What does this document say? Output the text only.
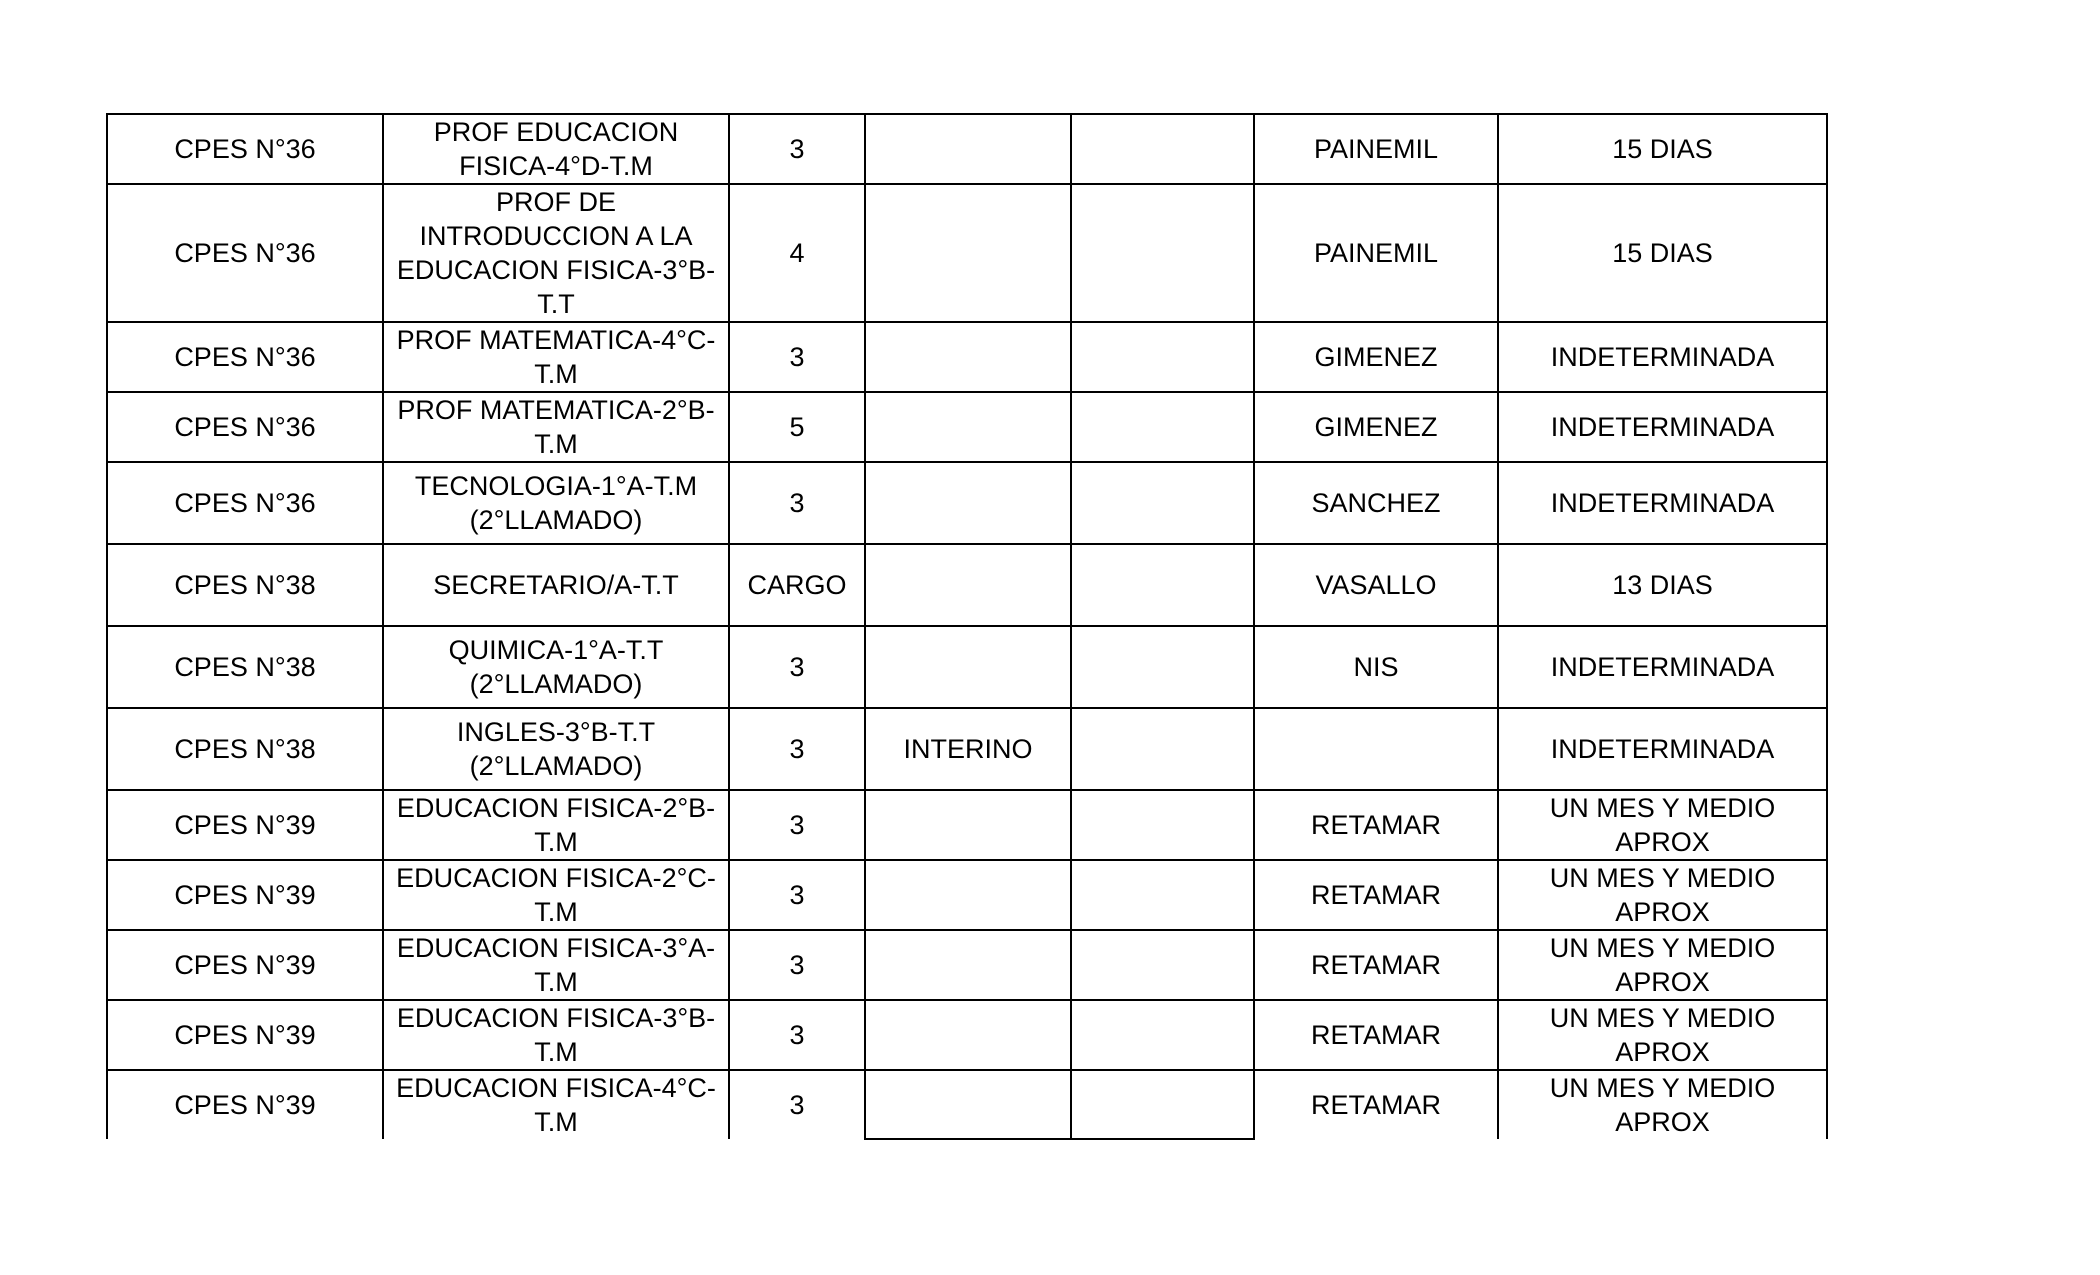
CPES N°36	PROF EDUCACION
FISICA-4°D-T.M	3			PAINEMIL	15 DIAS

CPES N°36	PROF DE
INTRODUCCION A LA
EDUCACION FISICA-3°B-
T.T	4			PAINEMIL	15 DIAS

CPES N°36	PROF MATEMATICA-4°C-
T.M	3			GIMENEZ	INDETERMINADA

CPES N°36	PROF MATEMATICA-2°B-
T.M	5			GIMENEZ	INDETERMINADA

CPES N°36	TECNOLOGIA-1°A-T.M
(2°LLAMADO)	3			SANCHEZ	INDETERMINADA

CPES N°38	SECRETARIO/A-T.T	CARGO			VASALLO	13 DIAS

CPES N°38	QUIMICA-1°A-T.T
(2°LLAMADO)	3			NIS	INDETERMINADA

CPES N°38	INGLES-3°B-T.T
(2°LLAMADO)	3	INTERINO			INDETERMINADA

CPES N°39	EDUCACION FISICA-2°B-
T.M	3			RETAMAR	UN MES Y MEDIO
APROX

CPES N°39	EDUCACION FISICA-2°C-
T.M	3			RETAMAR	UN MES Y MEDIO
APROX

CPES N°39	EDUCACION FISICA-3°A-
T.M	3			RETAMAR	UN MES Y MEDIO
APROX

CPES N°39	EDUCACION FISICA-3°B-
T.M	3			RETAMAR	UN MES Y MEDIO
APROX

CPES N°39	EDUCACION FISICA-4°C-
T.M	3			RETAMAR	UN MES Y MEDIO
APROX
